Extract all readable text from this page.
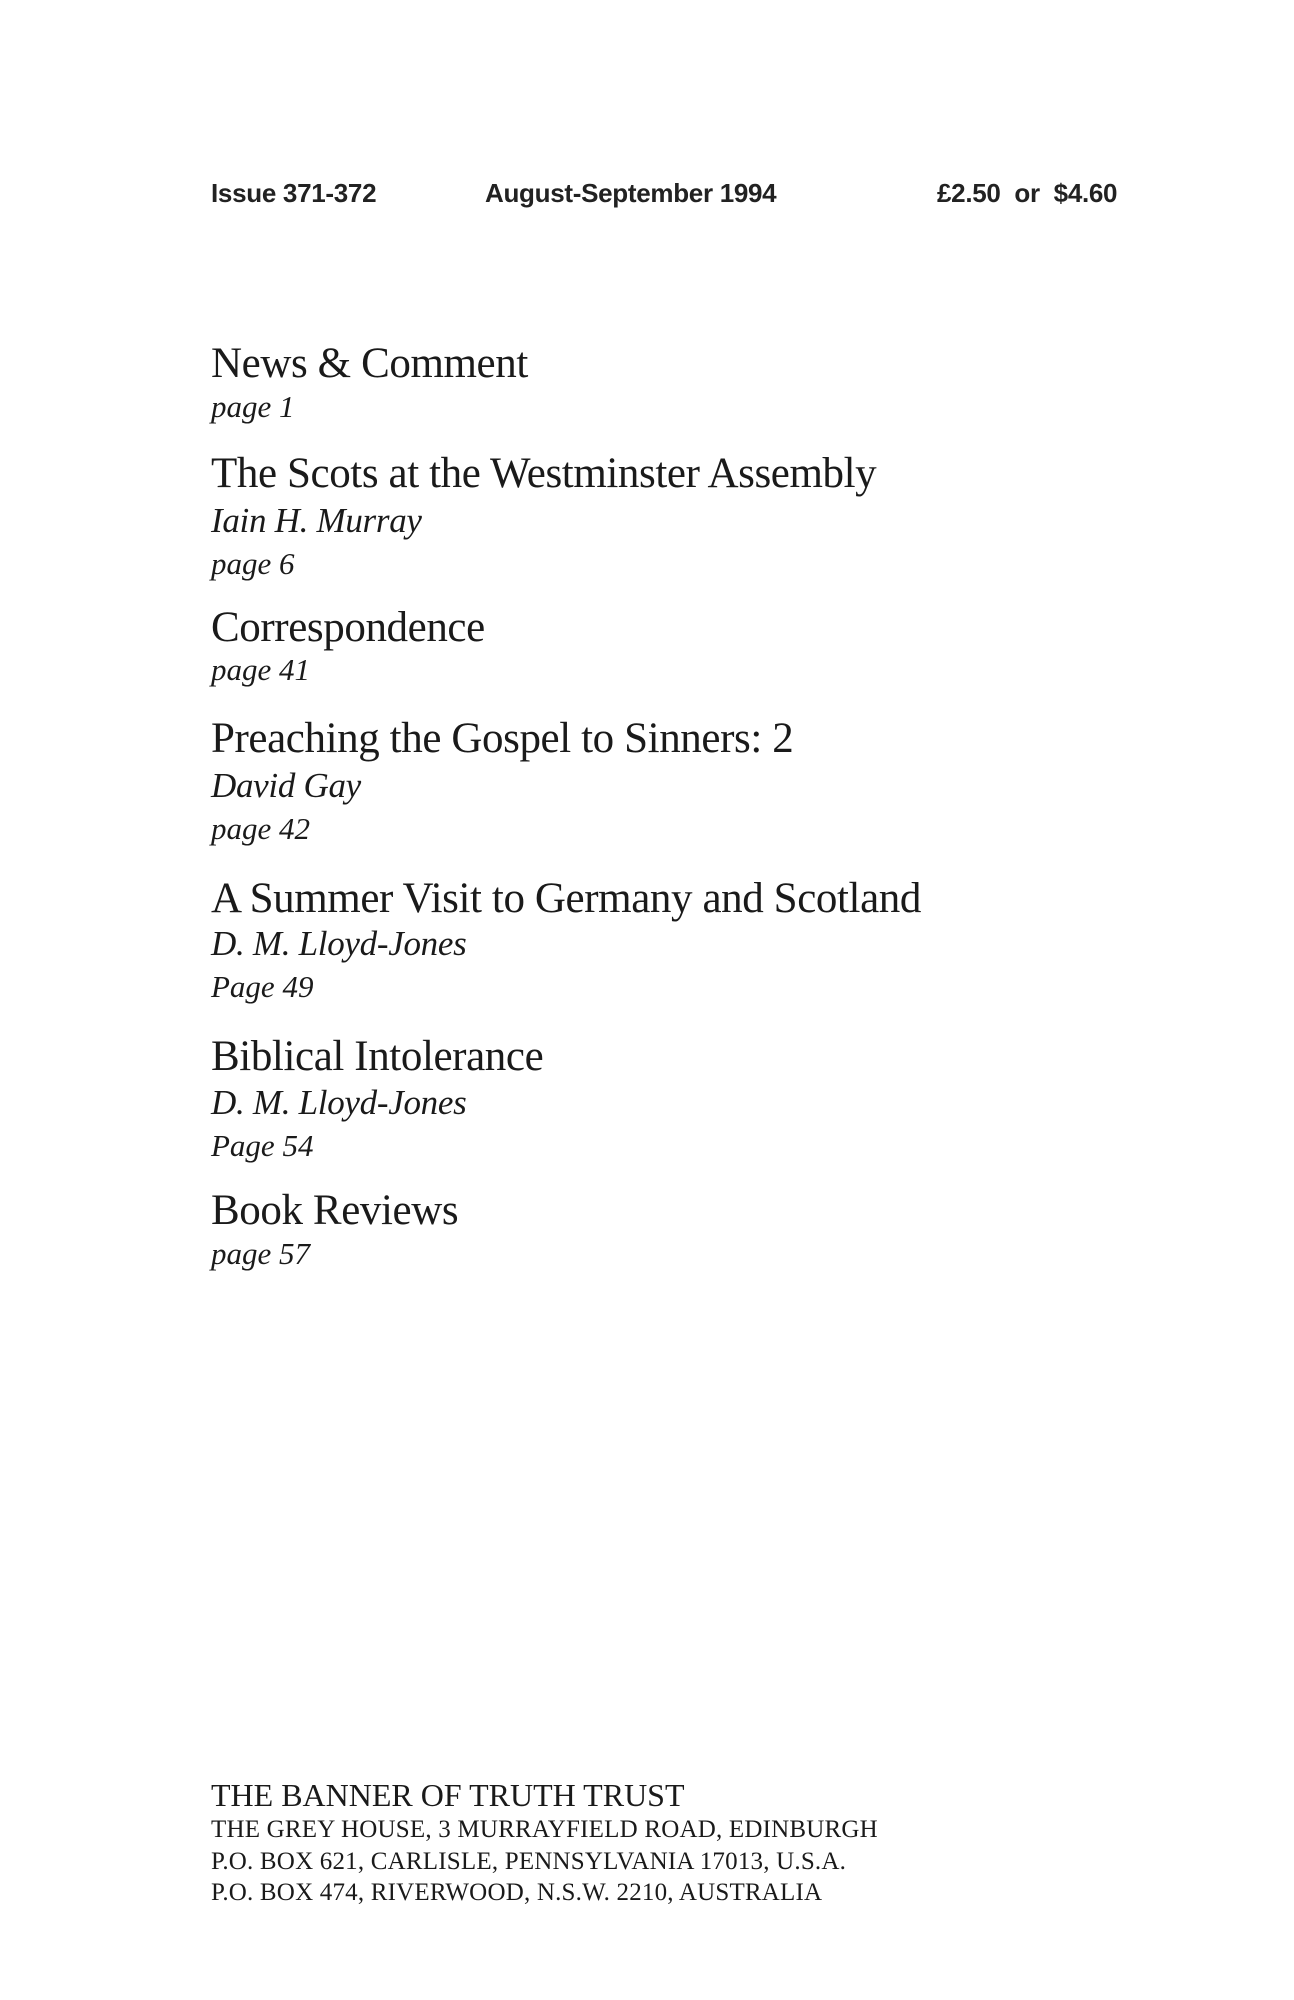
Issue 371-372	August-September 1994	£2.50  or  $4.60
News & Comment
page 1
The Scots at the Westminster Assembly
Iain H. Murray
page 6
Correspondence
page 41
Preaching the Gospel to Sinners: 2
David Gay
page 42
A Summer Visit to Germany and Scotland
D. M. Lloyd-Jones
Page 49
Biblical Intolerance
D. M. Lloyd-Jones
Page 54
Book Reviews
page 57
THE BANNER OF TRUTH TRUST
THE GREY HOUSE, 3 MURRAYFIELD ROAD, EDINBURGH
P.O. BOX 621, CARLISLE, PENNSYLVANIA 17013, U.S.A.
P.O. BOX 474, RIVERWOOD, N.S.W. 2210, AUSTRALIA
